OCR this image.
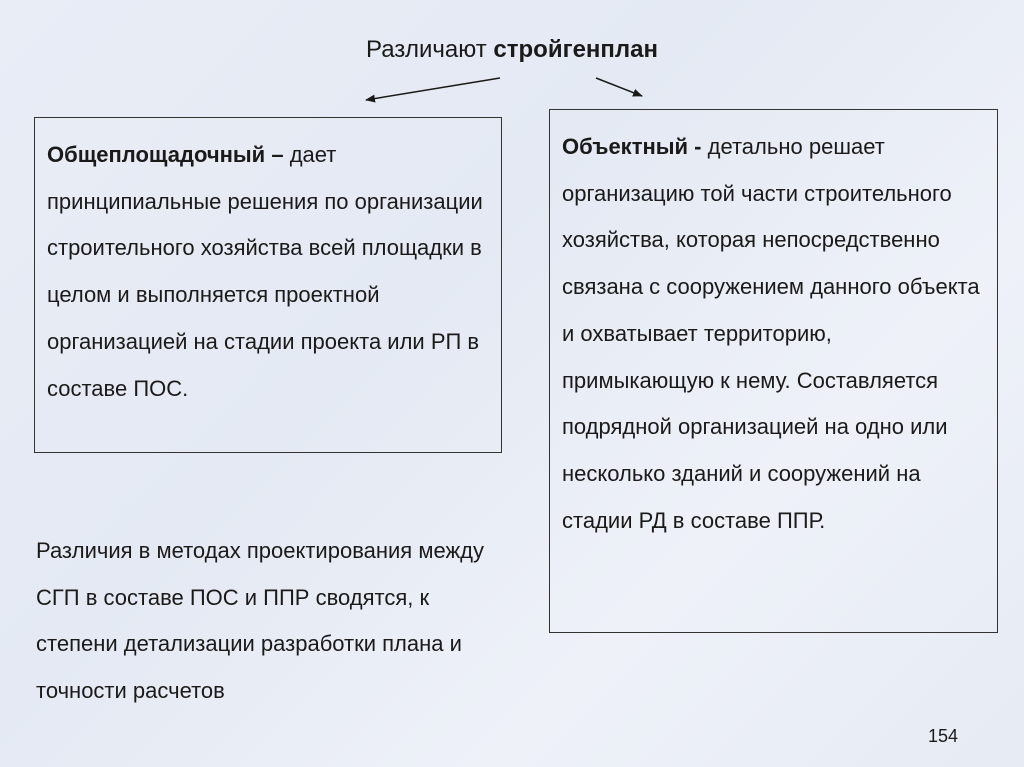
Различают стройгенплан

Общеплощадочный – дает принципиальные решения по организации строительного хозяйства всей площадки в целом и выполняется проектной организацией на стадии проекта или РП в составе ПОС.

Объектный - детально решает организацию той части строительного хозяйства, которая непосредственно связана с сооружением данного объекта и охватывает территорию, примыкающую к нему. Составляется подрядной организацией на одно или несколько зданий и сооружений на стадии РД в составе ППР.

Различия в методах проектирования между СГП в составе ПОС и ППР сводятся, к степени детализации разработки плана и точности расчетов

154
